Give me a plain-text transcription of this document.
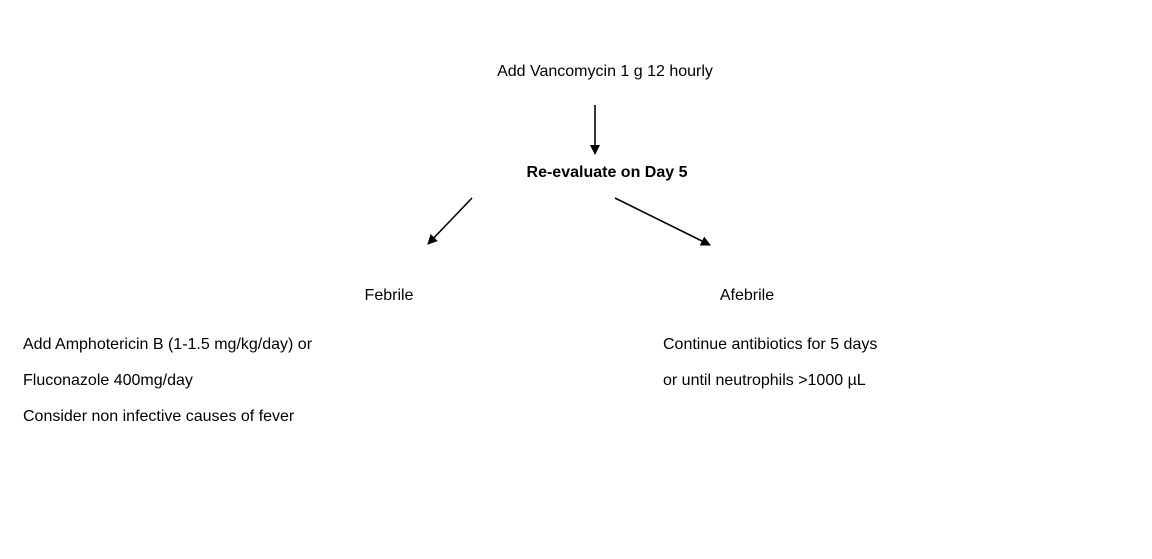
Add Vancomycin 1 g 12 hourly
Re-evaluate on Day 5
Febrile	Afebrile
Add Amphotericin B (1-1.5 mg/kg/day) or
Fluconazole 400mg/day
Consider non infective causes of fever
Continue antibiotics for 5 days
or until neutrophils >1000 µL
